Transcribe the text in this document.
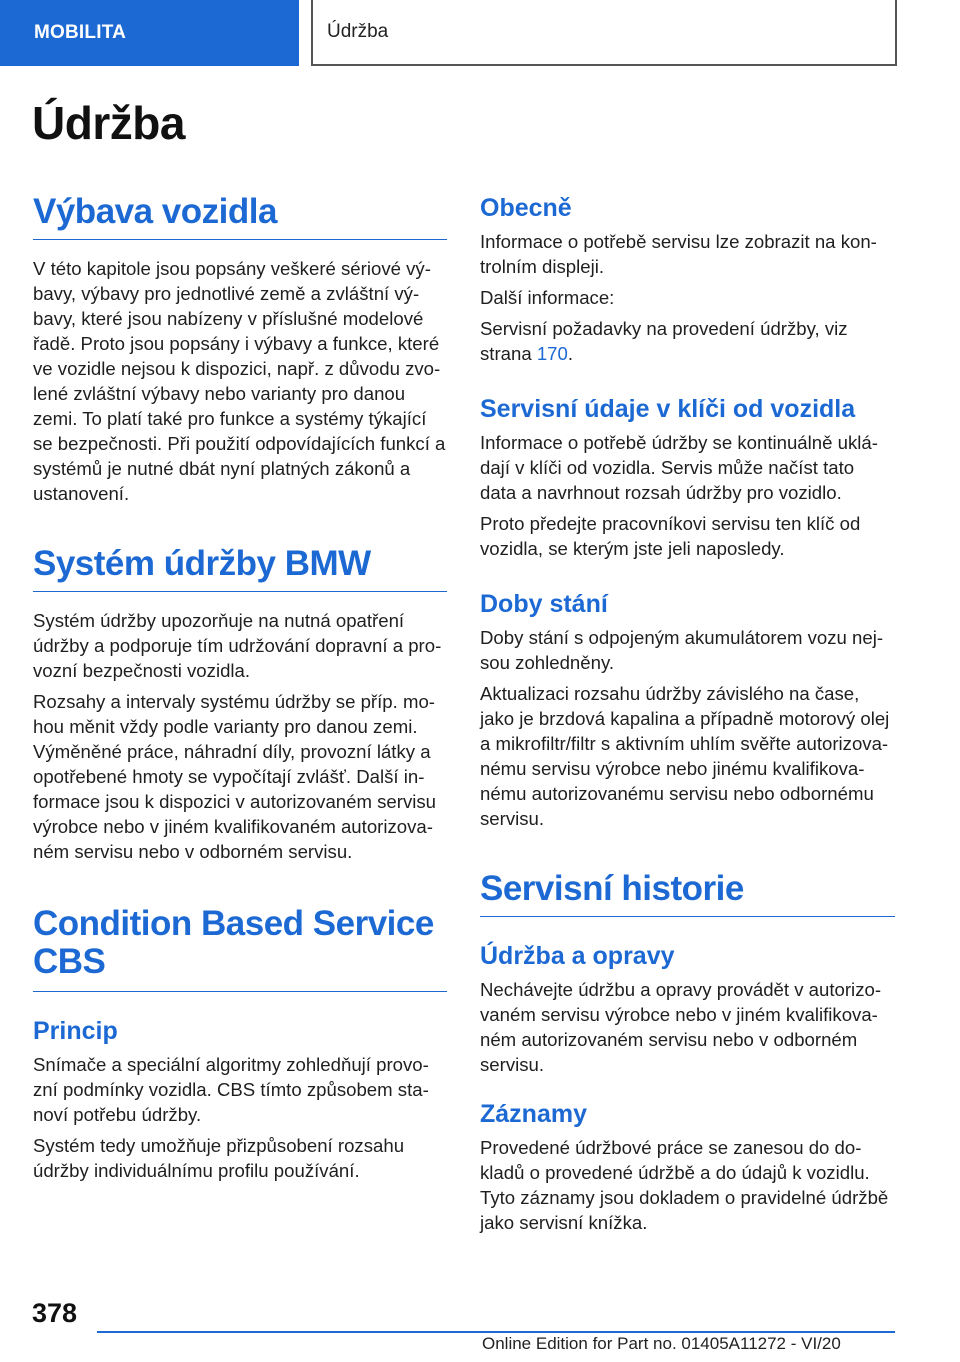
MOBILITA	Údržba
Údržba
Výbava vozidla

V této kapitole jsou popsány veškeré sériové vý-bavy, výbavy pro jednotlivé země a zvláštní vý-bavy, které jsou nabízeny v příslušné modelové řadě. Proto jsou popsány i výbavy a funkce, které ve vozidle nejsou k dispozici, např. z důvodu zvo-lené zvláštní výbavy nebo varianty pro danou zemi. To platí také pro funkce a systémy týkající se bezpečnosti. Při použití odpovídajících funkcí a systémů je nutné dbát nyní platných zákonů a ustanovení.

Systém údržby BMW

Systém údržby upozorňuje na nutná opatření údržby a podporuje tím udržování dopravní a pro-vozní bezpečnosti vozidla.

Rozsahy a intervaly systému údržby se příp. mo-hou měnit vždy podle varianty pro danou zemi. Výměněné práce, náhradní díly, provozní látky a opotřebené hmoty se vypočítají zvlášť. Další in-formace jsou k dispozici v autorizovaném servisu výrobce nebo v jiném kvalifikovaném autorizova-ném servisu nebo v odborném servisu.

Condition Based Service CBS
Princip

Snímače a speciální algoritmy zohledňují provo-zní podmínky vozidla. CBS tímto způsobem sta-noví potřebu údržby.

Systém tedy umožňuje přizpůsobení rozsahu údržby individuálnímu profilu používání.

Obecně

Informace o potřebě servisu lze zobrazit na kon-trolním displeji.

Další informace:

Servisní požadavky na provedení údržby, viz strana 170.

Servisní údaje v klíči od vozidla

Informace o potřebě údržby se kontinuálně uklá-dají v klíči od vozidla. Servis může načíst tato data a navrhnout rozsah údržby pro vozidlo.

Proto předejte pracovníkovi servisu ten klíč od vozidla, se kterým jste jeli naposledy.

Doby stání

Doby stání s odpojeným akumulátorem vozu nej-sou zohledněny.

Aktualizaci rozsahu údržby závislého na čase, jako je brzdová kapalina a případně motorový olej a mikrofiltr/filtr s aktivním uhlím svěřte autorizova-nému servisu výrobce nebo jinému kvalifikova-nému autorizovanému servisu nebo odbornému servisu.

Servisní historie
Údržba a opravy

Nechávejte údržbu a opravy provádět v autorizo-vaném servisu výrobce nebo v jiném kvalifikova-ném autorizovaném servisu nebo v odborném servisu.

Záznamy

Provedené údržbové práce se zanesou do do-kladů o provedené údržbě a do údajů k vozidlu. Tyto záznamy jsou dokladem o pravidelné údržbě jako servisní knížka.

378
Online Edition for Part no. 01405A11272 - VI/20
